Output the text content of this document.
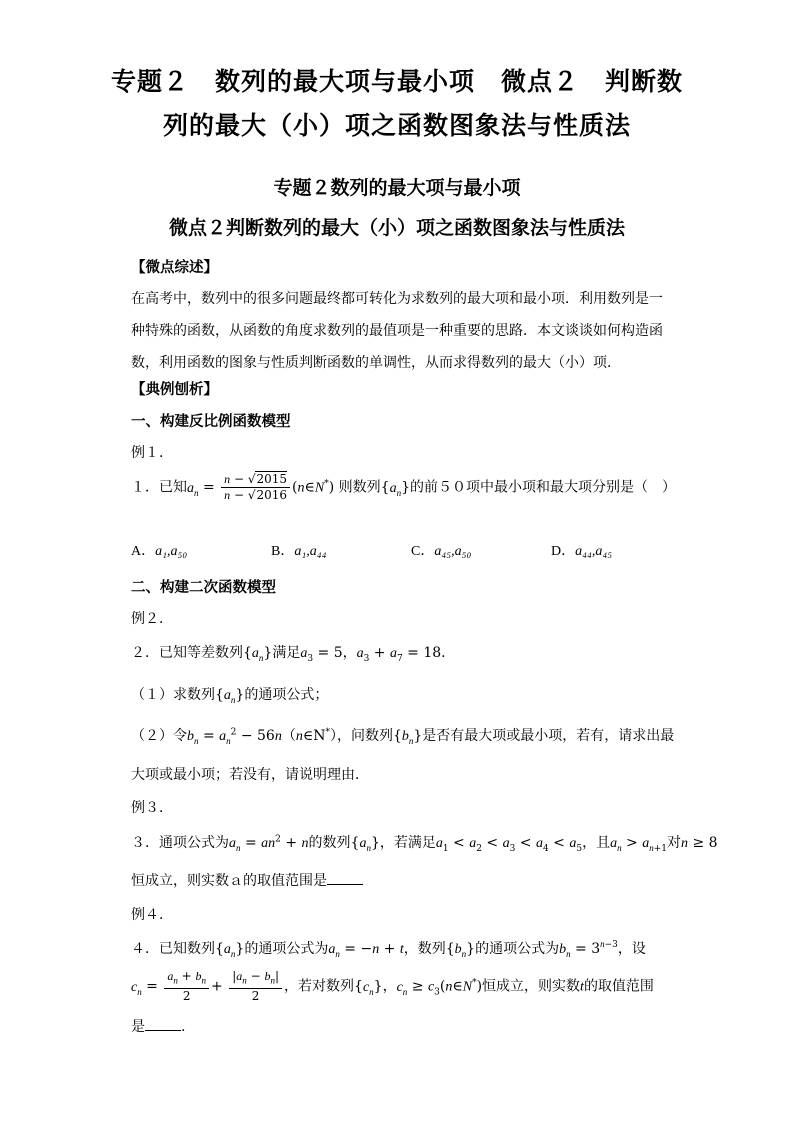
专题２　数列的最大项与最小项　微点２　判断数
列的最大（小）项之函数图象法与性质法
专题２数列的最大项与最小项
微点２判断数列的最大（小）项之函数图象法与性质法
【微点综述】
在高考中，数列中的很多问题最终都可转化为求数列的最大项和最小项．利用数列是一
种特殊的函数，从函数的角度求数列的最值项是一种重要的思路．本文谈谈如何构造函
数，利用函数的图象与性质判断函数的单调性，从而求得数列的最大（小）项．
【典例刨析】
一、构建反比例函数模型
例１．
１．已知$a_n = \frac{n - √2015}{n - √2016}$ (n∈N*) 则数列$\{a_n\}$的前５０项中最小项和最大项分别是（　）
A．a₁,a₅₀	B．a₁,a₄₄	C．a₄₅,a₅₀	D．a₄₄,a₄₅
二、构建二次函数模型
例２．
２．已知等差数列$\{a_n\}$满足$a_3 = 5$，$a_3 + a_7 = 18$．
（１）求数列$\{a_n\}$的通项公式；
（２）令$b_n = a_n^2$ − 56n（n∈N*），问数列$\{b_n\}$是否有最大项或最小项，若有，请求出最
大项或最小项；若没有，请说明理由．
例３．
３．通项公式为$a_n = an^2 + n$的数列$\{a_n\}$，若满足$a_1 < a_2 < a_3 < a_4 < a_5$，且$a_n > a_{n+1}$对n ≥ 8
恒成立，则实数ａ的取值范围是
例４．
４．已知数列$\{a_n\}$的通项公式为$a_n = -n + t$，数列$\{b_n\}$的通项公式为$b_n = 3^{n-3}$，设
$c_n = \frac{a_n + b_n}{2} + \frac{|a_n - b_n|}{2}$ ，若对数列$\{c_n\}$，$c_n$ ≥ $c_3(n\in N^*)$恒成立，则实数t的取值范围
是	.
